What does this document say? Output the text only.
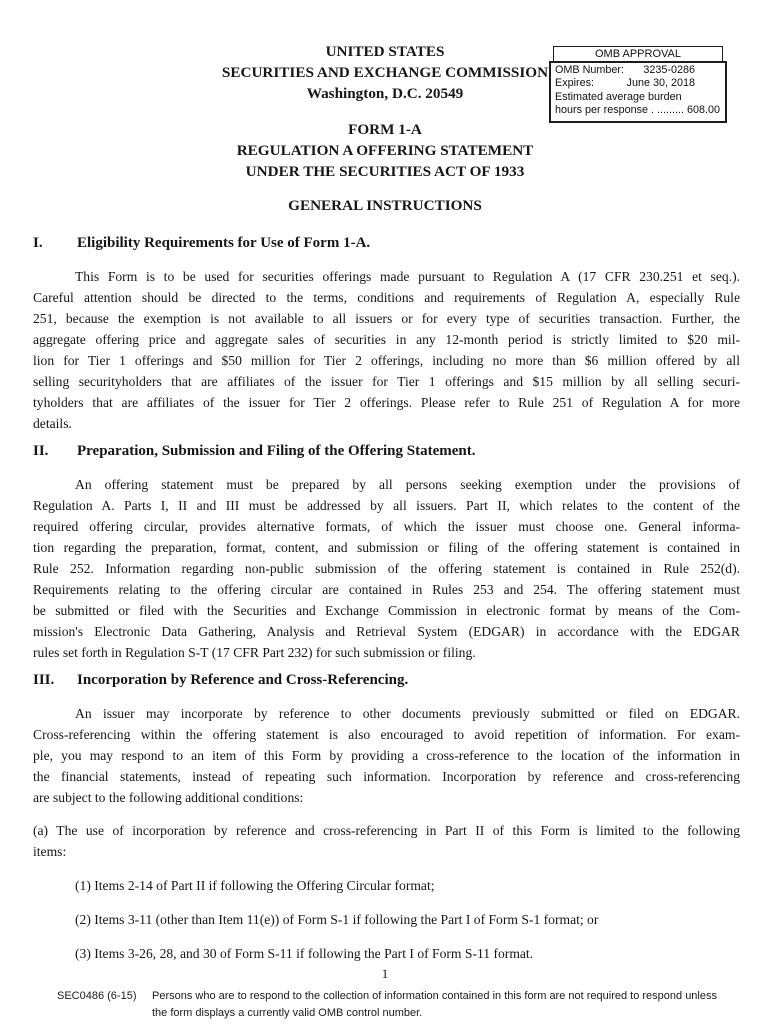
OMB APPROVAL
OMB Number: 3235-0286
Expires:	June 30, 2018
Estimated average burden
hours per response . ......... 608.00
UNITED STATES
SECURITIES AND EXCHANGE COMMISSION
Washington, D.C. 20549
FORM 1-A
REGULATION A OFFERING STATEMENT
UNDER THE SECURITIES ACT OF 1933
GENERAL INSTRUCTIONS
I.	Eligibility Requirements for Use of Form 1-A.
This Form is to be used for securities offerings made pursuant to Regulation A (17 CFR 230.251 et seq.).
Careful attention should be directed to the terms, conditions and requirements of Regulation A, especially Rule
251, because the exemption is not available to all issuers or for every type of securities transaction. Further, the
aggregate offering price and aggregate sales of securities in any 12-month period is strictly limited to $20 mil-
lion for Tier 1 offerings and $50 million for Tier 2 offerings, including no more than $6 million offered by all
selling securityholders that are affiliates of the issuer for Tier 1 offerings and $15 million by all selling securi-
tyholders that are affiliates of the issuer for Tier 2 offerings. Please refer to Rule 251 of Regulation A for more
details.
II.	Preparation, Submission and Filing of the Offering Statement.
An offering statement must be prepared by all persons seeking exemption under the provisions of
Regulation A. Parts I, II and III must be addressed by all issuers. Part II, which relates to the content of the
required offering circular, provides alternative formats, of which the issuer must choose one. General informa-
tion regarding the preparation, format, content, and submission or filing of the offering statement is contained in
Rule 252. Information regarding non-public submission of the offering statement is contained in Rule 252(d).
Requirements relating to the offering circular are contained in Rules 253 and 254. The offering statement must
be submitted or filed with the Securities and Exchange Commission in electronic format by means of the Com-
mission's Electronic Data Gathering, Analysis and Retrieval System (EDGAR) in accordance with the EDGAR
rules set forth in Regulation S-T (17 CFR Part 232) for such submission or filing.
III.	Incorporation by Reference and Cross-Referencing.
An issuer may incorporate by reference to other documents previously submitted or filed on EDGAR.
Cross-referencing within the offering statement is also encouraged to avoid repetition of information. For exam-
ple, you may respond to an item of this Form by providing a cross-reference to the location of the information in
the financial statements, instead of repeating such information. Incorporation by reference and cross-referencing
are subject to the following additional conditions:
(a) The use of incorporation by reference and cross-referencing in Part II of this Form is limited to the following
items:
(1) Items 2-14 of Part II if following the Offering Circular format;
(2) Items 3-11 (other than Item 11(e)) of Form S-1 if following the Part I of Form S-1 format; or
(3) Items 3-26, 28, and 30 of Form S-11 if following the Part I of Form S-11 format.
1
SEC0486 (6-15)	Persons who are to respond to the collection of information contained in this form are not required to respond unless the form displays a currently valid OMB control number.
